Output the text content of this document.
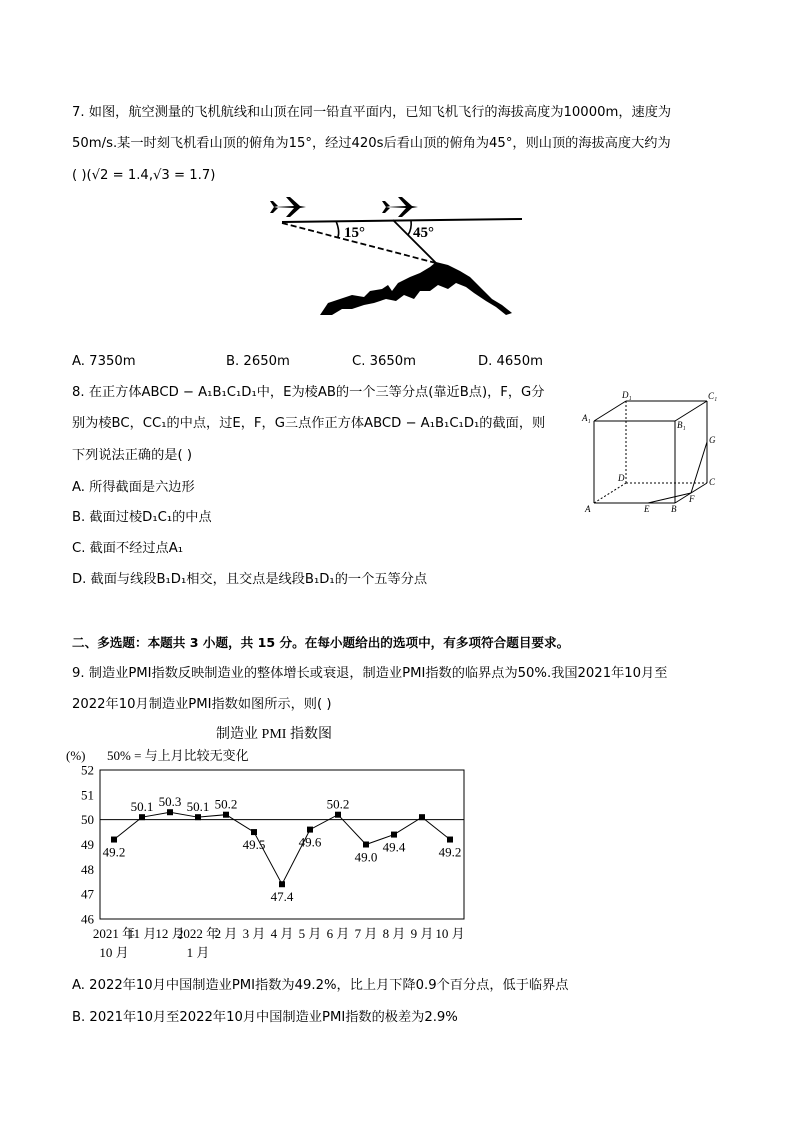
7. 如图，航空测量的飞机航线和山顶在同一铅直平面内，已知飞机飞行的海拔高度为10000m，速度为
50m/s.某一时刻飞机看山顶的俯角为15°，经过420s后看山顶的俯角为45°，则山顶的海拔高度大约为
( )(√2 = 1.4,√3 = 1.7)
15°	45°
A. 7350m	B. 2650m	C. 3650m	D. 4650m
8. 在正方体ABCD − A₁B₁C₁D₁中，E为棱AB的一个三等分点(靠近B点)，F，G分
别为棱BC，CC₁的中点，过E，F，G三点作正方体ABCD − A₁B₁C₁D₁的截面，则
下列说法正确的是( )
A. 所得截面是六边形
B. 截面过棱D₁C₁的中点
C. 截面不经过点A₁
D. 截面与线段B₁D₁相交，且交点是线段B₁D₁的一个五等分点
D₁	C₁
A₁
B₁
G
D	C
A	E B
F
二、多选题：本题共 3 小题，共 15 分。在每小题给出的选项中，有多项符合题目要求。
9. 制造业PMI指数反映制造业的整体增长或衰退，制造业PMI指数的临界点为50%.我国2021年10月至
2022年10月制造业PMI指数如图所示，则( )
制造业 PMI 指数图
(%) 50% = 与上月比较无变化
46
47
48
49
50
51
52
49.2
50.1 50.3 50.1 50.2
49.5
47.4
49.6
50.2
49.0
49.4	49.2
2021 年
11 月
12 月
2022 年
2 月 3 月 4 月 5 月 6 月 7 月 8 月 9 月 10 月
10 月	1 月
A. 2022年10月中国制造业PMI指数为49.2%，比上月下降0.9个百分点，低于临界点
B. 2021年10月至2022年10月中国制造业PMI指数的极差为2.9%
